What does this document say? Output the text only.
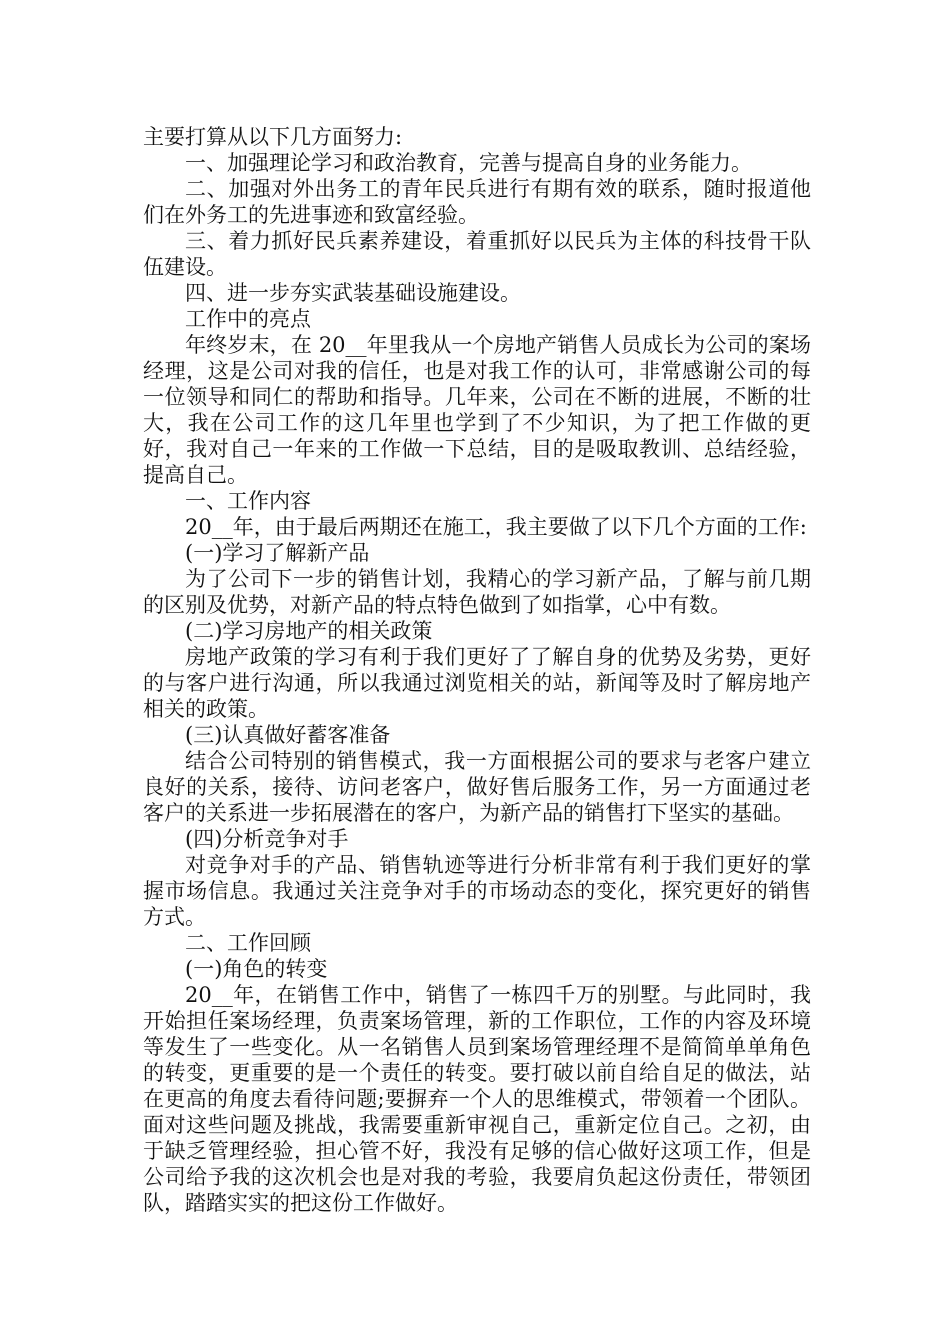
主要打算从以下几方面努力:

一、加强理论学习和政治教育，完善与提高自身的业务能力。

二、加强对外出务工的青年民兵进行有期有效的联系，随时报道他们在外务工的先进事迹和致富经验。

三、着力抓好民兵素养建设，着重抓好以民兵为主体的科技骨干队伍建设。

四、进一步夯实武装基础设施建设。

工作中的亮点

年终岁末，在 20__年里我从一个房地产销售人员成长为公司的案场经理，这是公司对我的信任，也是对我工作的认可，非常感谢公司的每一位领导和同仁的帮助和指导。几年来，公司在不断的进展，不断的壮大，我在公司工作的这几年里也学到了不少知识，为了把工作做的更好，我对自己一年来的工作做一下总结，目的是吸取教训、总结经验，提高自己。

一、工作内容

20__年，由于最后两期还在施工，我主要做了以下几个方面的工作:

(一)学习了解新产品

为了公司下一步的销售计划，我精心的学习新产品，了解与前几期的区别及优势，对新产品的特点特色做到了如指掌，心中有数。

(二)学习房地产的相关政策

房地产政策的学习有利于我们更好了了解自身的优势及劣势，更好的与客户进行沟通，所以我通过浏览相关的站，新闻等及时了解房地产相关的政策。

(三)认真做好蓄客准备

结合公司特别的销售模式，我一方面根据公司的要求与老客户建立良好的关系，接待、访问老客户，做好售后服务工作，另一方面通过老客户的关系进一步拓展潜在的客户，为新产品的销售打下坚实的基础。

(四)分析竞争对手

对竞争对手的产品、销售轨迹等进行分析非常有利于我们更好的掌握市场信息。我通过关注竞争对手的市场动态的变化，探究更好的销售方式。

二、工作回顾

(一)角色的转变

20__年，在销售工作中，销售了一栋四千万的别墅。与此同时，我开始担任案场经理，负责案场管理，新的工作职位，工作的内容及环境等发生了一些变化。从一名销售人员到案场管理经理不是简简单单角色的转变，更重要的是一个责任的转变。要打破以前自给自足的做法，站在更高的角度去看待问题;要摒弃一个人的思维模式，带领着一个团队。面对这些问题及挑战，我需要重新审视自己，重新定位自己。之初，由于缺乏管理经验，担心管不好，我没有足够的信心做好这项工作，但是公司给予我的这次机会也是对我的考验，我要肩负起这份责任，带领团队，踏踏实实的把这份工作做好。
